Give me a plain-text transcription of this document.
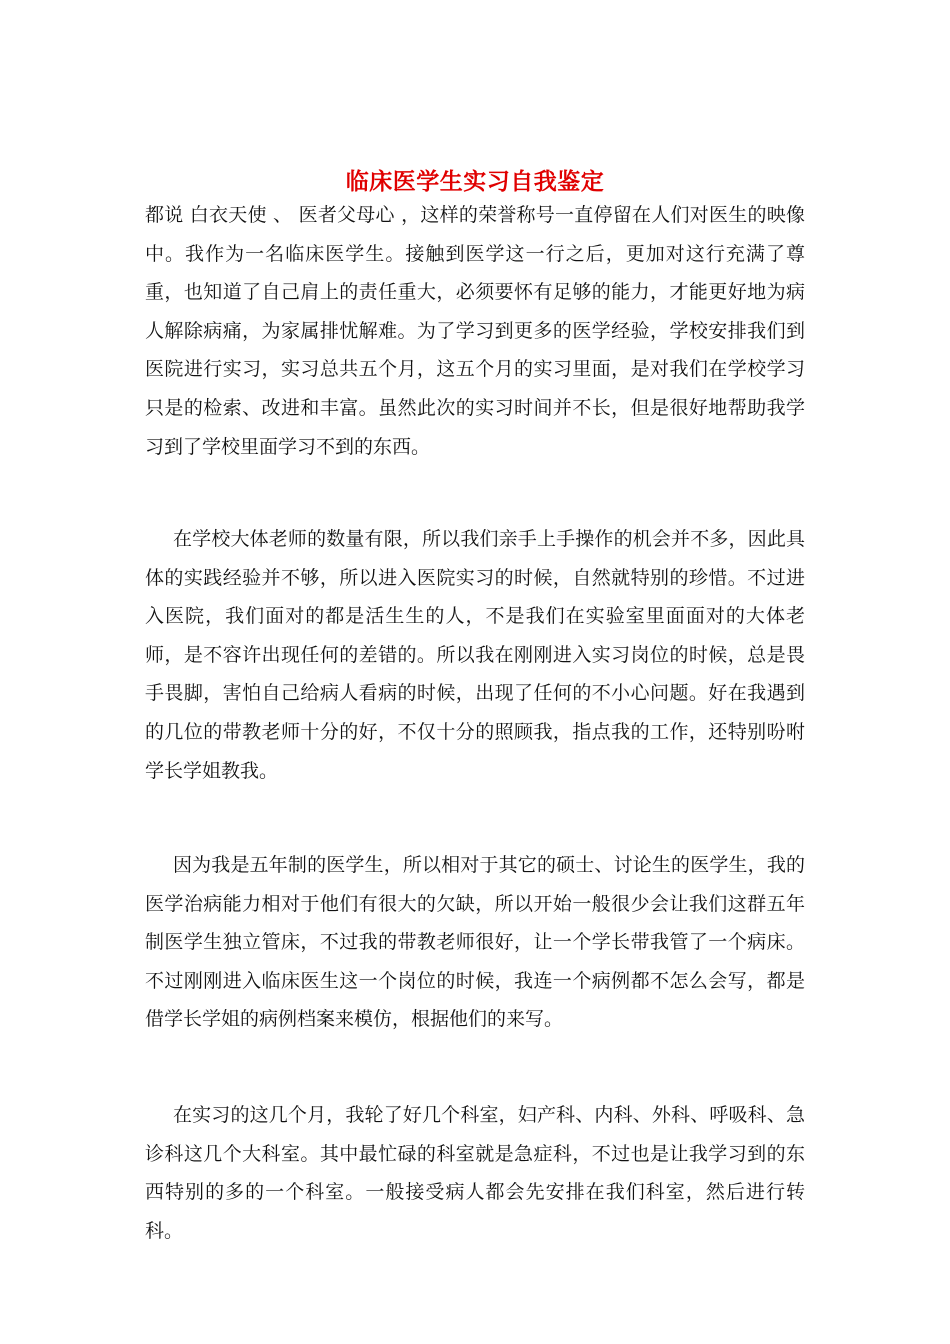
临床医学生实习自我鉴定

都说 白衣天使 、 医者父母心 ，这样的荣誉称号一直停留在人们对医生的映像中。我作为一名临床医学生。接触到医学这一行之后，更加对这行充满了尊重，也知道了自己肩上的责任重大，必须要怀有足够的能力，才能更好地为病人解除病痛，为家属排忧解难。为了学习到更多的医学经验，学校安排我们到医院进行实习，实习总共五个月，这五个月的实习里面，是对我们在学校学习只是的检索、改进和丰富。虽然此次的实习时间并不长，但是很好地帮助我学习到了学校里面学习不到的东西。

在学校大体老师的数量有限，所以我们亲手上手操作的机会并不多，因此具体的实践经验并不够，所以进入医院实习的时候，自然就特别的珍惜。不过进入医院，我们面对的都是活生生的人，不是我们在实验室里面面对的大体老师，是不容许出现任何的差错的。所以我在刚刚进入实习岗位的时候，总是畏手畏脚，害怕自己给病人看病的时候，出现了任何的不小心问题。好在我遇到的几位的带教老师十分的好，不仅十分的照顾我，指点我的工作，还特别吩咐学长学姐教我。

因为我是五年制的医学生，所以相对于其它的硕士、讨论生的医学生，我的医学治病能力相对于他们有很大的欠缺，所以开始一般很少会让我们这群五年制医学生独立管床，不过我的带教老师很好，让一个学长带我管了一个病床。不过刚刚进入临床医生这一个岗位的时候，我连一个病例都不怎么会写，都是借学长学姐的病例档案来模仿，根据他们的来写。

在实习的这几个月，我轮了好几个科室，妇产科、内科、外科、呼吸科、急诊科这几个大科室。其中最忙碌的科室就是急症科，不过也是让我学习到的东西特别的多的一个科室。一般接受病人都会先安排在我们科室，然后进行转科。
